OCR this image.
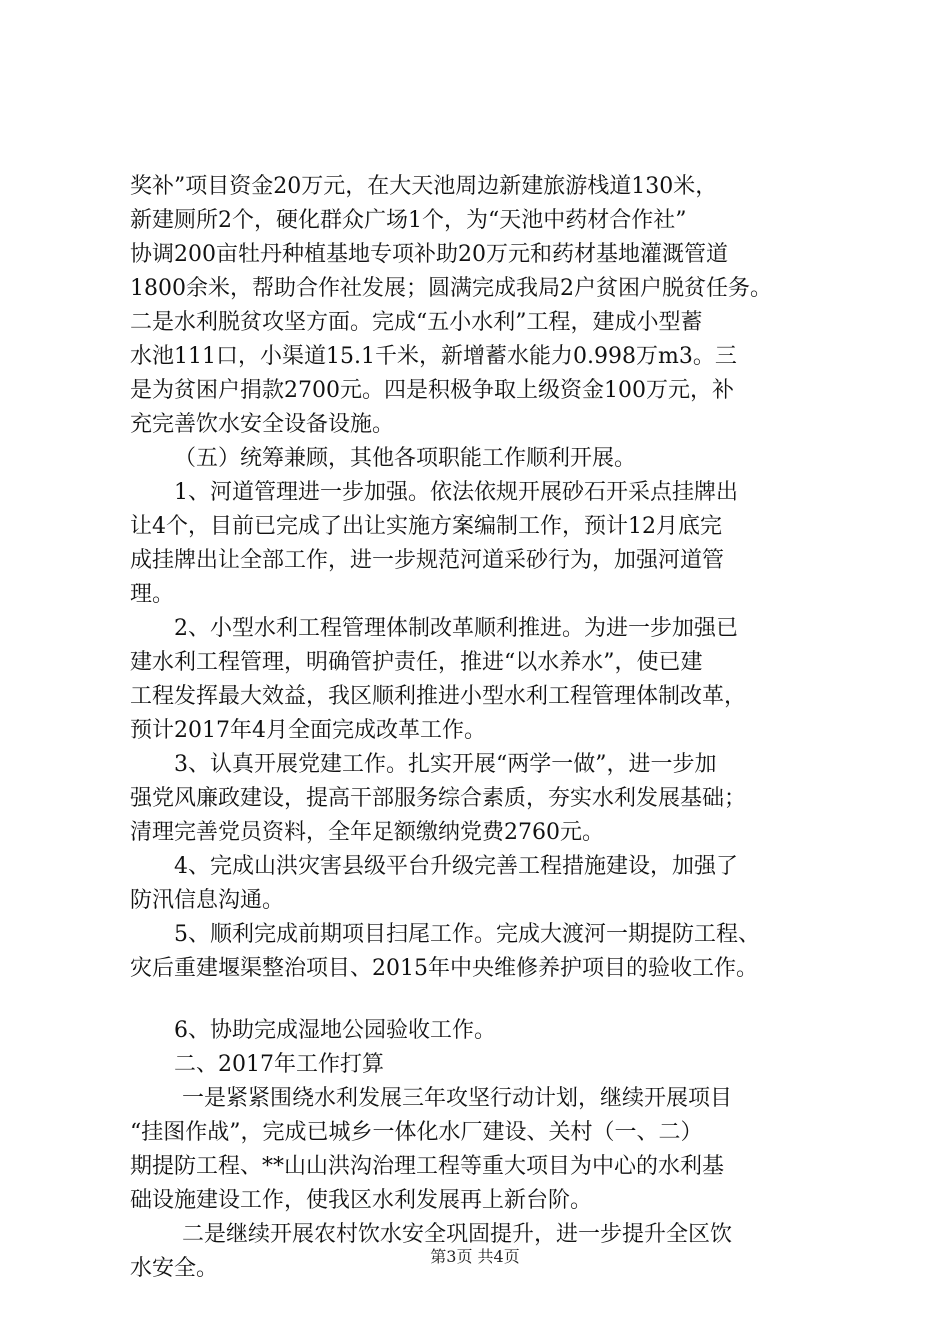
奖补”项目资金20万元，在大天池周边新建旅游栈道130米，
新建厕所2个，硬化群众广场1个，为“天池中药材合作社”
协调200亩牡丹种植基地专项补助20万元和药材基地灌溉管道
1800余米，帮助合作社发展；圆满完成我局2户贫困户脱贫任务。
二是水利脱贫攻坚方面。完成“五小水利”工程，建成小型蓄
水池111口，小渠道15.1千米，新增蓄水能力0.998万m3。三
是为贫困户捐款2700元。四是积极争取上级资金100万元，补
充完善饮水安全设备设施。
（五）统筹兼顾，其他各项职能工作顺利开展。
1、河道管理进一步加强。依法依规开展砂石开采点挂牌出
让4个，目前已完成了出让实施方案编制工作，预计12月底完
成挂牌出让全部工作，进一步规范河道采砂行为，加强河道管
理。
2、小型水利工程管理体制改革顺利推进。为进一步加强已
建水利工程管理，明确管护责任，推进“以水养水”，使已建
工程发挥最大效益，我区顺利推进小型水利工程管理体制改革，
预计2017年4月全面完成改革工作。
3、认真开展党建工作。扎实开展“两学一做”，进一步加
强党风廉政建设，提高干部服务综合素质，夯实水利发展基础；
清理完善党员资料，全年足额缴纳党费2760元。
4、完成山洪灾害县级平台升级完善工程措施建设，加强了
防汛信息沟通。
5、顺利完成前期项目扫尾工作。完成大渡河一期提防工程、
灾后重建堰渠整治项目、2015年中央维修养护项目的验收工作。
6、协助完成湿地公园验收工作。
二、2017年工作打算
一是紧紧围绕水利发展三年攻坚行动计划，继续开展项目
“挂图作战”，完成已城乡一体化水厂建设、关村（一、二）
期提防工程、**山山洪沟治理工程等重大项目为中心的水利基
础设施建设工作，使我区水利发展再上新台阶。
二是继续开展农村饮水安全巩固提升，进一步提升全区饮
水安全。	第3页 共4页
